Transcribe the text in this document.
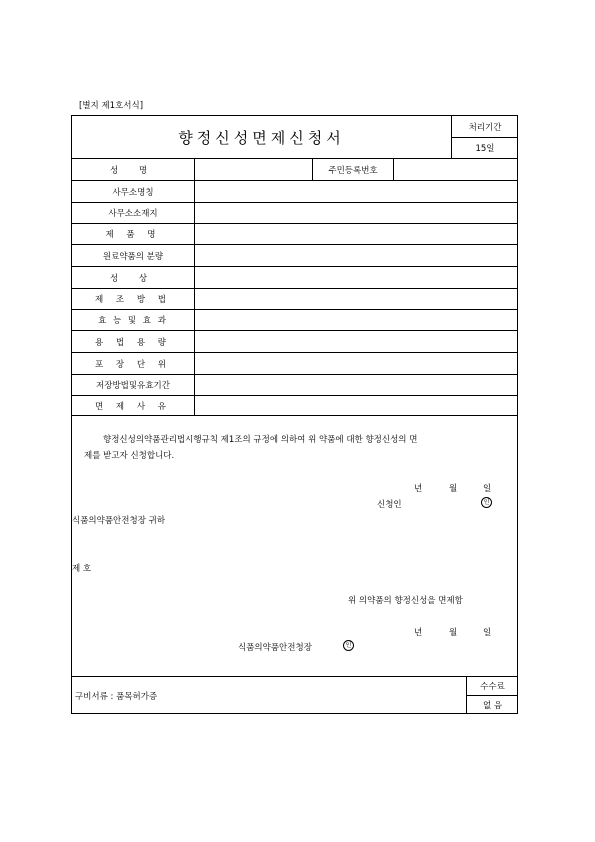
[별지 제1호서식]
향정신성면제신청서
처리기간
15일
성 명	주민등록번호
사무소명칭
사무소소재지
제 품 명
원료약품의 분량
성 상
제 조 방 법
효 능 및 효 과
용 법 용 량
포 장 단 위
저장방법및유효기간
면 제 사 유
향정신성의약품관리법시행규칙 제1조의 규정에 의하여 위 약품에 대한 향정신성의 면
제를 받고자 신청합니다.
년	월	일
신청인	인
식품의약품안전청장 귀하
제 호
위 의약품의 향정신성을 면제함
년	월	일
식품의약품안전청장	인
구비서류 : 품목허가증
수수료
없 음
